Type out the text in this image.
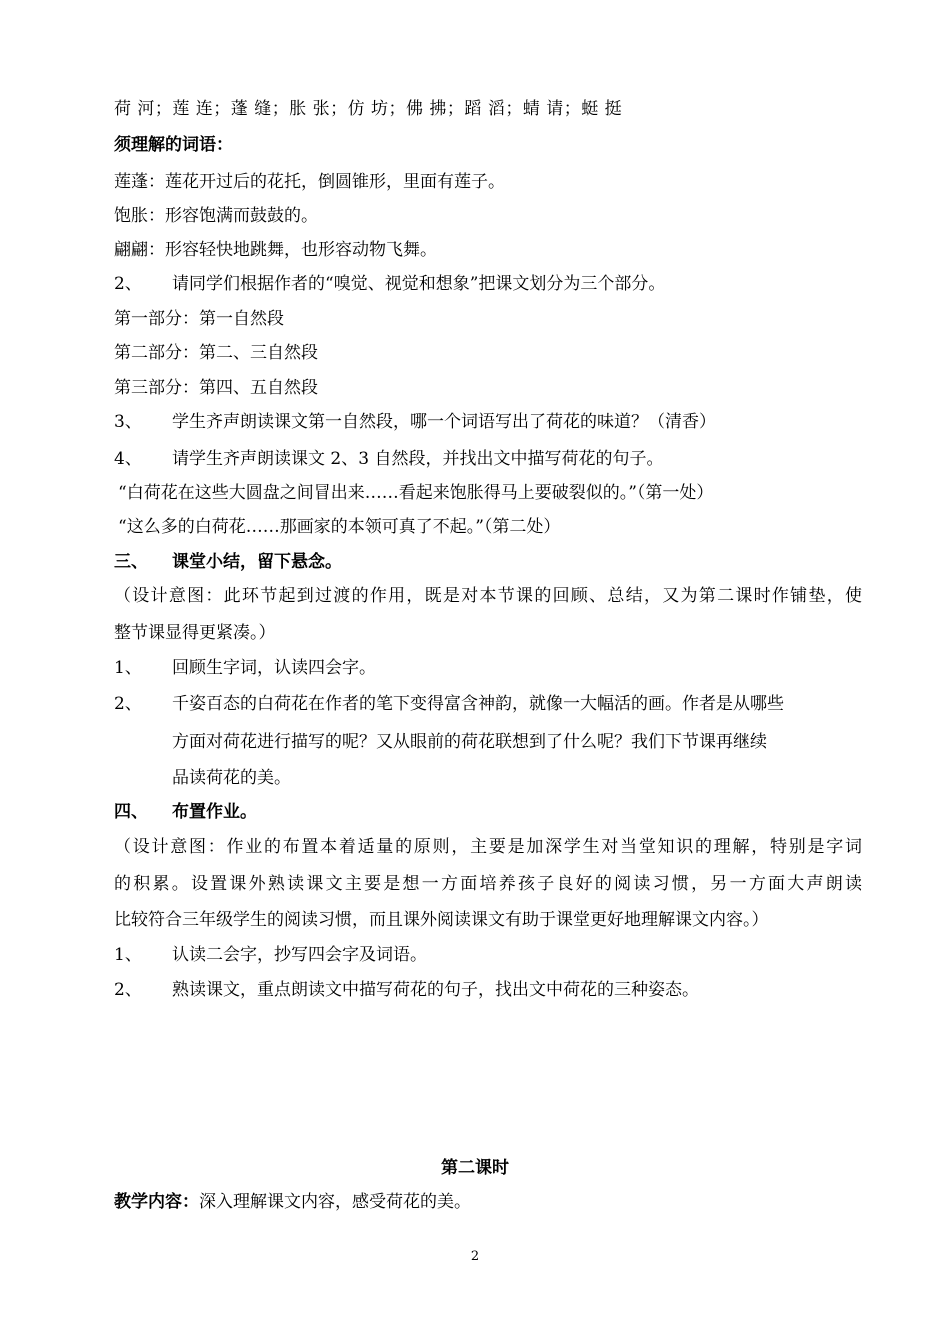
荷 河；莲 连；蓬 缝；胀 张；仿 坊；佛 拂；蹈 滔；蜻 请；蜓 挺
须理解的词语：
莲蓬：莲花开过后的花托，倒圆锥形，里面有莲子。
饱胀：形容饱满而鼓鼓的。
翩翩：形容轻快地跳舞，也形容动物飞舞。
2、 请同学们根据作者的“嗅觉、视觉和想象”把课文划分为三个部分。
第一部分：第一自然段
第二部分：第二、三自然段
第三部分：第四、五自然段
3、 学生齐声朗读课文第一自然段，哪一个词语写出了荷花的味道？（清香）
4、 请学生齐声朗读课文 2、3 自然段，并找出文中描写荷花的句子。
“白荷花在这些大圆盘之间冒出来……看起来饱胀得马上要破裂似的。”（第一处）
“这么多的白荷花……那画家的本领可真了不起。”（第二处）
三、 课堂小结，留下悬念。
（设计意图：此环节起到过渡的作用，既是对本节课的回顾、总结，又为第二课时作铺垫，使
整节课显得更紧凑。）
1、 回顾生字词，认读四会字。
2、 千姿百态的白荷花在作者的笔下变得富含神韵，就像一大幅活的画。作者是从哪些
方面对荷花进行描写的呢？又从眼前的荷花联想到了什么呢？我们下节课再继续
品读荷花的美。
四、 布置作业。
（设计意图：作业的布置本着适量的原则，主要是加深学生对当堂知识的理解，特别是字词
的积累。设置课外熟读课文主要是想一方面培养孩子良好的阅读习惯，另一方面大声朗读
比较符合三年级学生的阅读习惯，而且课外阅读课文有助于课堂更好地理解课文内容。）
1、 认读二会字，抄写四会字及词语。
2、 熟读课文，重点朗读文中描写荷花的句子，找出文中荷花的三种姿态。
第二课时
教学内容：深入理解课文内容，感受荷花的美。
2
